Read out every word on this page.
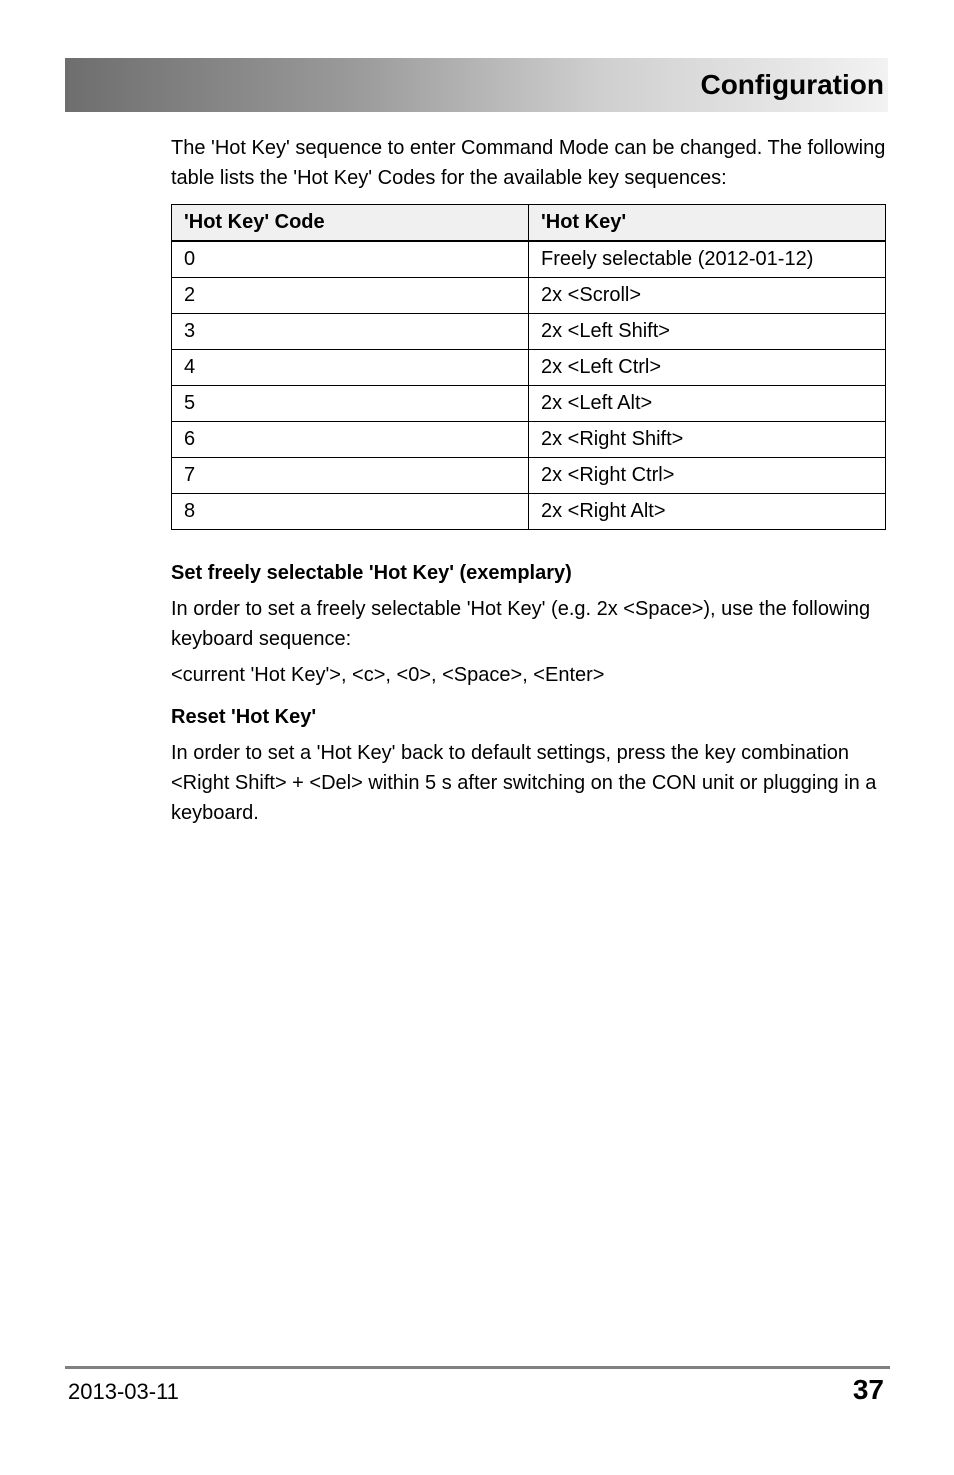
Configuration

The 'Hot Key' sequence to enter Command Mode can be changed. The following table lists the 'Hot Key' Codes for the available key sequences:

'Hot Key' Code	'Hot Key'
0	Freely selectable (2012-01-12)
2	2x <Scroll>
3	2x <Left Shift>
4	2x <Left Ctrl>
5	2x <Left Alt>
6	2x <Right Shift>
7	2x <Right Ctrl>
8	2x <Right Alt>

Set freely selectable 'Hot Key' (exemplary)

In order to set a freely selectable 'Hot Key' (e.g. 2x <Space>), use the following keyboard sequence:

<current 'Hot Key'>, <c>, <0>, <Space>, <Enter>

Reset 'Hot Key'

In order to set a 'Hot Key' back to default settings, press the key combination <Right Shift> + <Del> within 5 s after switching on the CON unit or plugging in a keyboard.

2013-03-11	37
